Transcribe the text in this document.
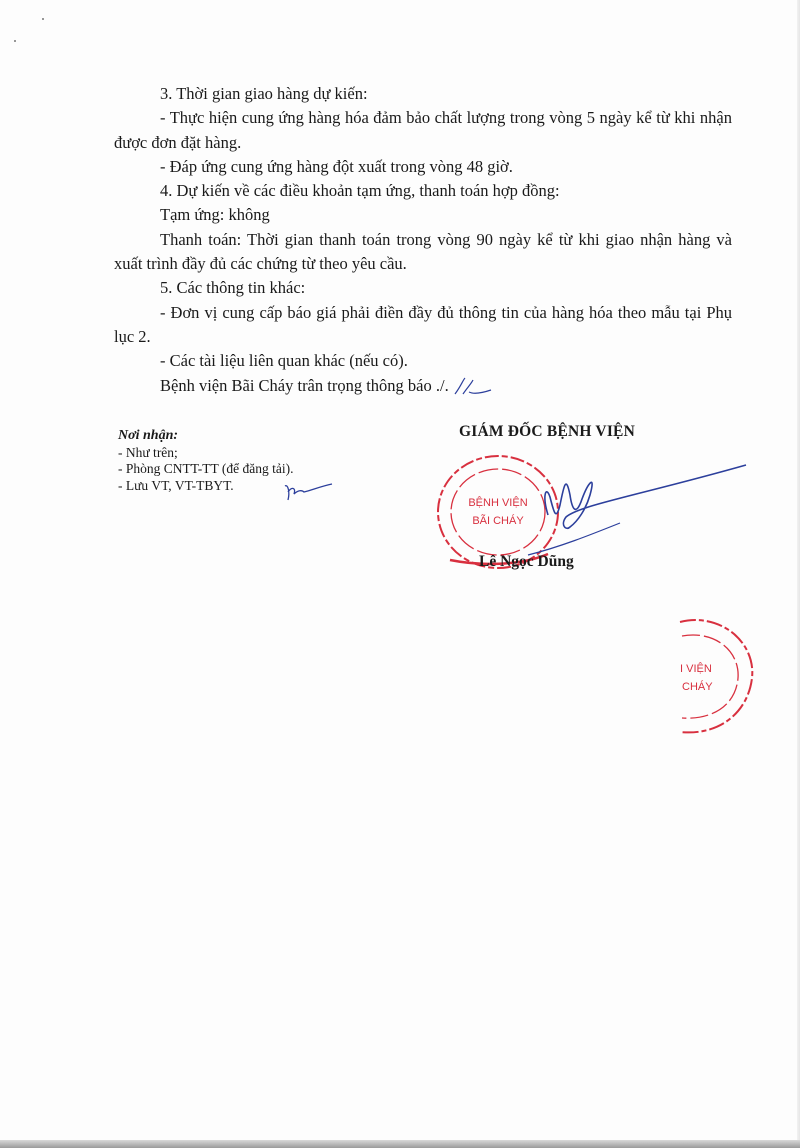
3. Thời gian giao hàng dự kiến:

- Thực hiện cung ứng hàng hóa đảm bảo chất lượng trong vòng 5 ngày kể từ khi nhận được đơn đặt hàng.

- Đáp ứng cung ứng hàng đột xuất trong vòng 48 giờ.

4. Dự kiến về các điều khoản tạm ứng, thanh toán hợp đồng:

Tạm ứng: không

Thanh toán: Thời gian thanh toán trong vòng 90 ngày kể từ khi giao nhận hàng và xuất trình đầy đủ các chứng từ theo yêu cầu.

5. Các thông tin khác:

- Đơn vị cung cấp báo giá phải điền đầy đủ thông tin của hàng hóa theo mẫu tại Phụ lục 2.

- Các tài liệu liên quan khác (nếu có).

Bệnh viện Bãi Cháy trân trọng thông báo ./.

Nơi nhận:
- Như trên;
- Phòng CNTT-TT (để đăng tải).
- Lưu VT, VT-TBYT.
GIÁM ĐỐC BỆNH VIỆN
BỆNH VIỆN
BÃI CHÁY
Lê Ngọc Dũng
I VIỆN
CHÁY
